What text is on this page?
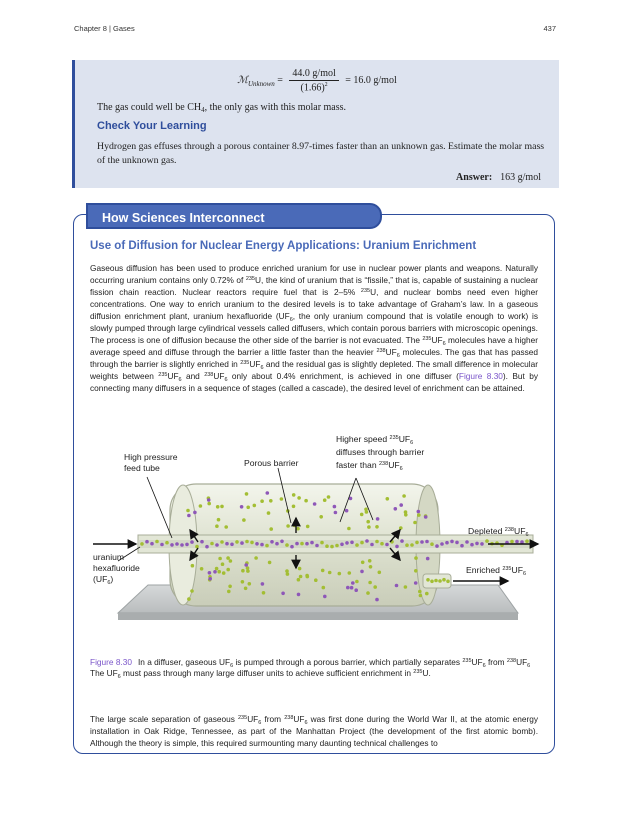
Chapter 8 | Gases	437
ℳ$_{Unknown}$ = $\frac{\text{44.0 g/mol}}{(1.66)^2} = 16.0$ g/mol
The gas could well be $CH_4$, the only gas with this molar mass.
Check Your Learning
Hydrogen gas effuses through a porous container 8.97-times faster than an unknown gas. Estimate the molar mass of the unknown gas.
Answer: 163 g/mol
How Sciences Interconnect
Use of Diffusion for Nuclear Energy Applications: Uranium Enrichment
Gaseous diffusion has been used to produce enriched uranium for use in nuclear power plants and weapons. Naturally occurring uranium contains only 0.72% of $^{235}$U, the kind of uranium that is “fissile,” that is, capable of sustaining a nuclear fission chain reaction. Nuclear reactors require fuel that is 2–5% $^{235}$U, and nuclear bombs need even higher concentrations. One way to enrich uranium to the desired levels is to take advantage of Graham’s law. In a gaseous diffusion enrichment plant, uranium hexafluoride ($UF_6$, the only uranium compound that is volatile enough to work) is slowly pumped through large cylindrical vessels called diffusers, which contain porous barriers with microscopic openings. The process is one of diffusion because the other side of the barrier is not evacuated. The $^{235}UF_6$ molecules have a higher average speed and diffuse through the barrier a little faster than the heavier $^{238}UF_6$ molecules. The gas that has passed through the barrier is slightly enriched in $^{235}UF_6$ and the residual gas is slightly depleted. The small difference in molecular weights between $^{235}UF_6$ and $^{238}UF_6$ only about 0.4% enrichment, is achieved in one diffuser (Figure 8.30). But by connecting many diffusers in a sequence of stages (called a cascade), the desired level of enrichment can be attained.
High pressure
feed tube	Porous barrier
Higher speed $^{235}UF_6$
diffuses through barrier
faster than $^{238}UF_6$
uranium
hexafluoride
$(UF_6)$
Depleted $^{238}UF_6$
Enriched $^{235}UF_6$
Figure 8.30 In a diffuser, gaseous $UF_6$ is pumped through a porous barrier, which partially separates $^{235}UF_6$ from $^{238}UF_6$ The $UF_6$ must pass through many large diffuser units to achieve sufficient enrichment in $^{235}$U.
The large scale separation of gaseous $^{235}UF_6$ from $^{238}UF_6$ was first done during the World War II, at the atomic energy installation in Oak Ridge, Tennessee, as part of the Manhattan Project (the development of the first atomic bomb). Although the theory is simple, this required surmounting many daunting technical challenges to
